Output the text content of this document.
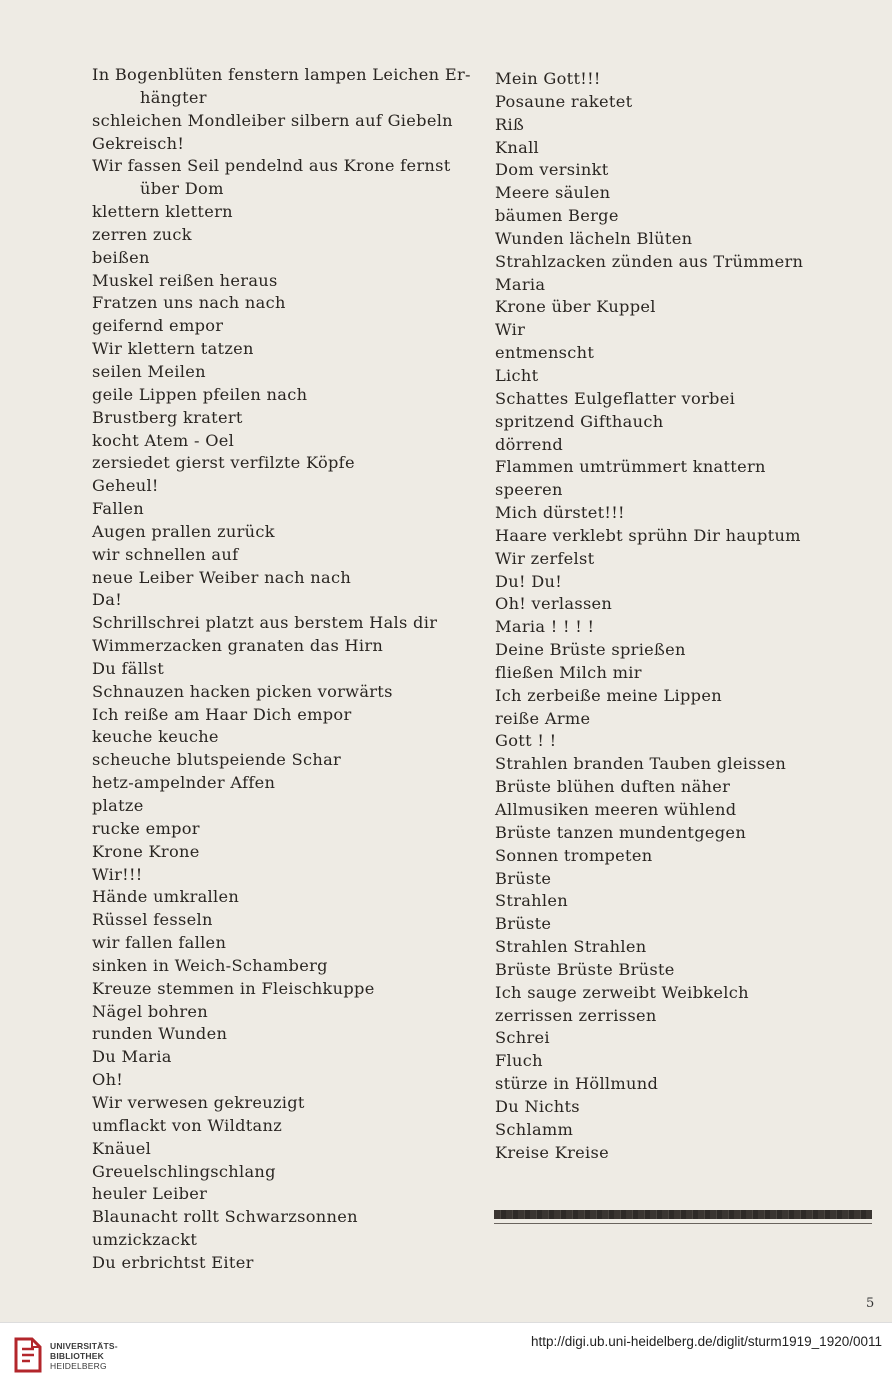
In Bogenblüten fenstern lampen Leichen Er-
hängter
schleichen Mondleiber silbern auf Giebeln
Gekreisch!
Wir fassen Seil pendelnd aus Krone fernst
über Dom
klettern klettern
zerren zuck
beißen
Muskel reißen heraus
Fratzen uns nach nach
geifernd empor
Wir klettern tatzen
seilen Meilen
geile Lippen pfeilen nach
Brustberg kratert
kocht Atem - Oel
zersiedet gierst verfilzte Köpfe
Geheul!
Fallen
Augen prallen zurück
wir schnellen auf
neue Leiber Weiber nach nach
Da!
Schrillschrei platzt aus berstem Hals dir
Wimmerzacken granaten das Hirn
Du fällst
Schnauzen hacken picken vorwärts
Ich reiße am Haar Dich empor
keuche keuche
scheuche blutspeiende Schar
hetz-ampelnder Affen
platze
rucke empor
Krone Krone
Wir!!!
Hände umkrallen
Rüssel fesseln
wir fallen fallen
sinken in Weich-Schamberg
Kreuze stemmen in Fleischkuppe
Nägel bohren
runden Wunden
Du Maria
Oh!
Wir verwesen gekreuzigt
umflackt von Wildtanz
Knäuel
Greuelschlingschlang
heuler Leiber
Blaunacht rollt Schwarzsonnen
umzickzackt
Du erbrichtst Eiter
Mein Gott!!!
Posaune raketet
Riß
Knall
Dom versinkt
Meere säulen
bäumen Berge
Wunden lächeln Blüten
Strahlzacken zünden aus Trümmern
Maria
Krone über Kuppel
Wir
entmenscht
Licht
Schattes Eulgeflatter vorbei
spritzend Gifthauch
dörrend
Flammen umtrümmert knattern
speeren
Mich dürstet!!!
Haare verklebt sprühn Dir hauptum
Wir zerfelst
Du! Du!
Oh! verlassen
Maria ! ! ! !
Deine Brüste sprießen
fließen Milch mir
Ich zerbeiße meine Lippen
reiße Arme
Gott ! !
Strahlen branden Tauben gleissen
Brüste blühen duften näher
Allmusiken meeren wühlend
Brüste tanzen mundentgegen
Sonnen trompeten
Brüste
Strahlen
Brüste
Strahlen Strahlen
Brüste Brüste Brüste
Ich sauge zerweibt Weibkelch
zerrissen zerrissen
Schrei
Fluch
stürze in Höllmund
Du Nichts
Schlamm
Kreise Kreise
5
UNIVERSITÄTS-
BIBLIOTHEK
HEIDELBERG
http://digi.ub.uni-heidelberg.de/diglit/sturm1919_1920/0011
